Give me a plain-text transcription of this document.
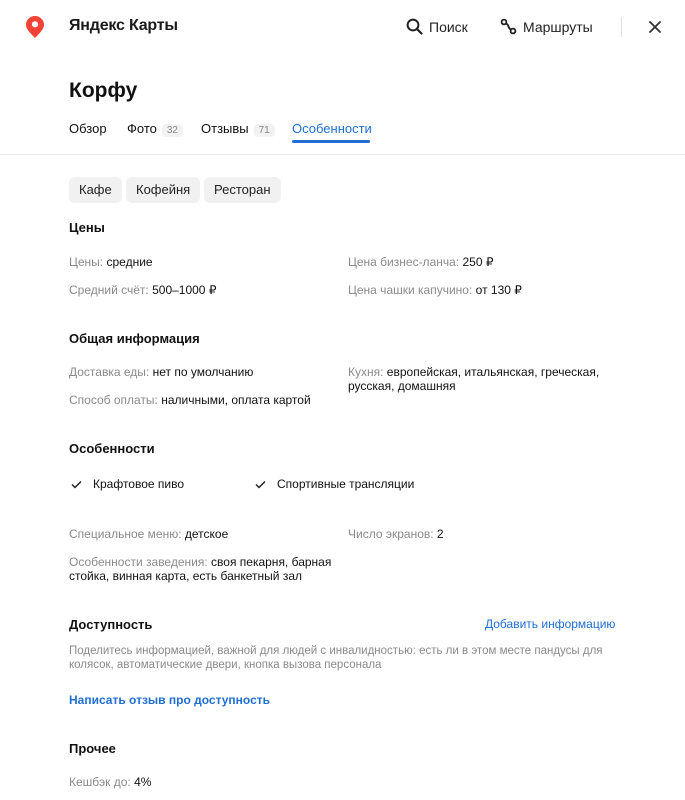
Яндекс Карты	Поиск	Маршруты
Корфу
Обзор Фото 32	Отзывы 71	Особенности
Кафе	Кофейня	Ресторан
Цены
Цены: средние	Цена бизнес-ланча: 250 ₽
Средний счёт: 500–1000 ₽	Цена чашки капучино: от 130 ₽
Общая информация
Доставка еды: нет по умолчанию	Кухня: европейская, итальянская, греческая, русская, домашняя
Способ оплаты: наличными, оплата картой
Особенности
Крафтовое пиво	Спортивные трансляции
Специальное меню: детское	Число экранов: 2
Особенности заведения: своя пекарня, барная стойка, винная карта, есть банкетный зал
Доступность	Добавить информацию
Поделитесь информацией, важной для людей с инвалидностью: есть ли в этом месте пандусы для колясок, автоматические двери, кнопка вызова персонала
Написать отзыв про доступность
Прочее
Кешбэк до: 4%
